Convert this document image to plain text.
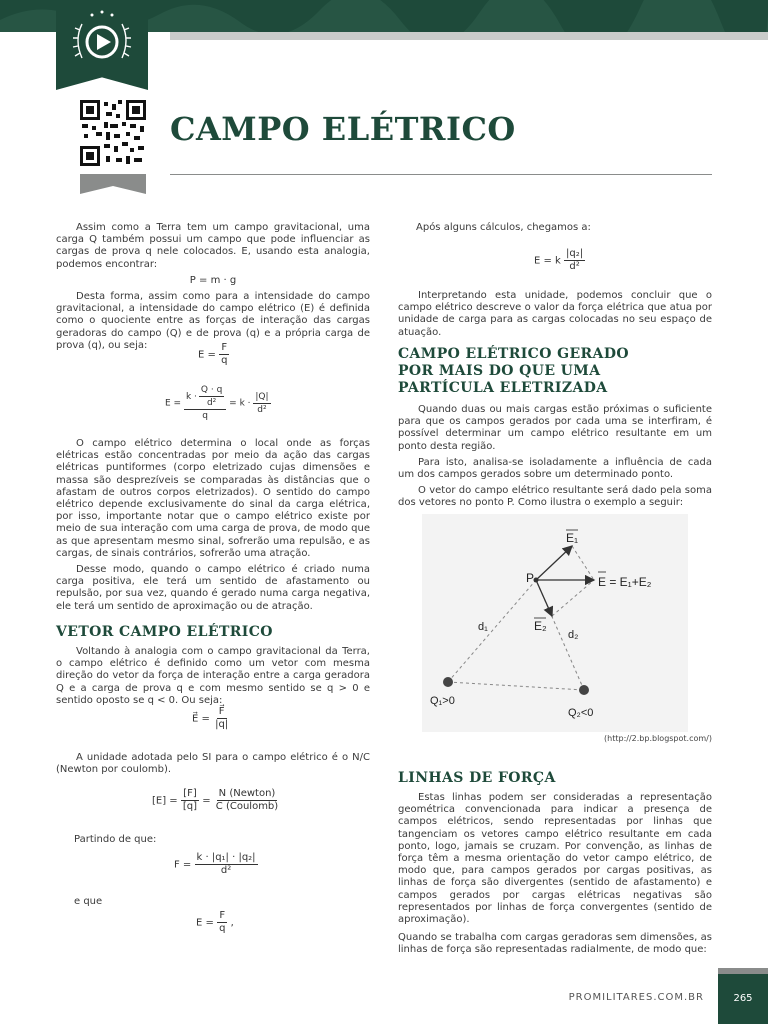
CAMPO ELÉTRICO

Assim como a Terra tem um campo gravitacional, uma carga Q também possui um campo que pode influenciar as cargas de prova q nele colocados. E, usando esta analogia, podemos encontrar:

P = m · g

Desta forma, assim como para a intensidade do campo gravitacional, a intensidade do campo elétrico (E) é definida como o quociente entre as forças de interação das cargas geradoras do campo (Q) e de prova (q) e a própria carga de prova (q), ou seja:

$E = \frac{F}{q}$
$E = \frac{k \cdot \frac{Q \cdot q}{\text{d²}}}{q} = k \cdot \frac{|Q|}{\text{d²}}$

O campo elétrico determina o local onde as forças elétricas estão concentradas por meio da ação das cargas elétricas puntiformes (corpo eletrizado cujas dimensões e massa são desprezíveis se comparadas às distâncias que o afastam de outros corpos eletrizados). O sentido do campo elétrico depende exclusivamente do sinal da carga elétrica, por isso, importante notar que o campo elétrico existe por meio de sua interação com uma carga de prova, de modo que as que apresentam mesmo sinal, sofrerão uma repulsão, e as cargas, de sinais contrários, sofrerão uma atração.

Desse modo, quando o campo elétrico é criado numa carga positiva, ele terá um sentido de afastamento ou repulsão, por sua vez, quando é gerado numa carga negativa, ele terá um sentido de aproximação ou de atração.

VETOR CAMPO ELÉTRICO

Voltando à analogia com o campo gravitacional da Terra, o campo elétrico é definido como um vetor com mesma direção do vetor da força de interação entre a carga geradora Q e a carga de prova q e com mesmo sentido se q > 0 e sentido oposto se q < 0. Ou seja:

E⃗ = $\frac{F⃗}{|q|}$

A unidade adotada pelo SI para o campo elétrico é o N/C (Newton por coulomb).

$[E] = \frac{[F]}{[q]} = \frac{\text{N (Newton)}}{\text{C (Coulomb)}}$
Partindo de que:
$F = \frac{\text{k · |q₁| · |q₂|}}{\text{d²}}$
e que
$E = \frac{F}{q}$ ,
Após alguns cálculos, chegamos a:
E = k $\frac{\text{|q₂|}}{\text{d²}}$

Interpretando esta unidade, podemos concluir que o campo elétrico descreve o valor da força elétrica que atua por unidade de carga para as cargas colocadas no seu espaço de atuação.

CAMPO ELÉTRICO GERADO
POR MAIS DO QUE UMA
PARTÍCULA ELETRIZADA

Quando duas ou mais cargas estão próximas o suficiente para que os campos gerados por cada uma se interfiram, é possível determinar um campo elétrico resultante em um ponto desta região.

Para isto, analisa-se isoladamente a influência de cada um dos campos gerados sobre um determinado ponto.

O vetor do campo elétrico resultante será dado pela soma dos vetores no ponto P. Como ilustra o exemplo a seguir:

E₁
E₂
P	E = E₁+E₂
d₁
d₂
Q₁>0
Q₂<0
(http://2.bp.blogspot.com/)
LINHAS DE FORÇA

Estas linhas podem ser consideradas a representação geométrica convencionada para indicar a presença de campos elétricos, sendo representadas por linhas que tangenciam os vetores campo elétrico resultante em cada ponto, logo, jamais se cruzam. Por convenção, as linhas de força têm a mesma orientação do vetor campo elétrico, de modo que, para campos gerados por cargas positivas, as linhas de força são divergentes (sentido de afastamento) e campos gerados por cargas elétricas negativas são representados por linhas de força convergentes (sentido de aproximação).

Quando se trabalha com cargas geradoras sem dimensões, as linhas de força são representadas radialmente, de modo que:

PROMILITARES.COM.BR	265
